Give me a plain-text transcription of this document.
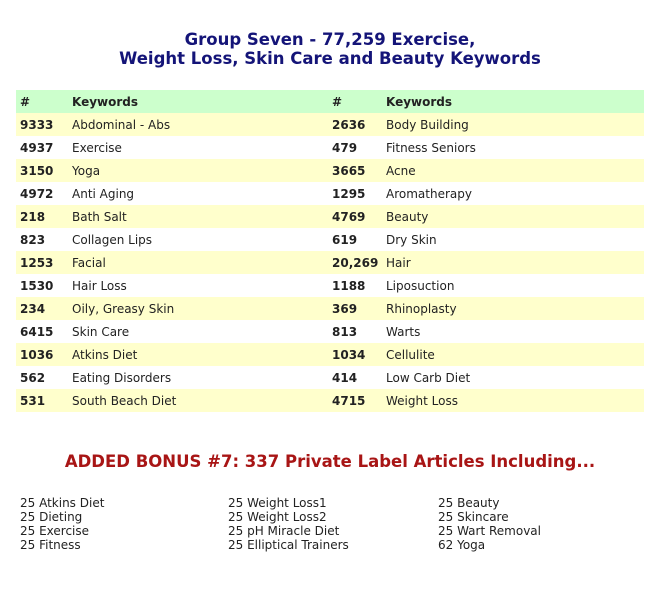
Group Seven - 77,259 Exercise,
Weight Loss, Skin Care and Beauty Keywords
#	Keywords	#	Keywords
9333	Abdominal - Abs	2636	Body Building
4937	Exercise	479	Fitness Seniors
3150	Yoga	3665	Acne
4972	Anti Aging	1295	Aromatherapy
218	Bath Salt	4769	Beauty
823	Collagen Lips	619	Dry Skin
1253	Facial	20,269	Hair
1530	Hair Loss	1188	Liposuction
234	Oily, Greasy Skin	369	Rhinoplasty
6415	Skin Care	813	Warts
1036	Atkins Diet	1034	Cellulite
562	Eating Disorders	414	Low Carb Diet
531	South Beach Diet	4715	Weight Loss
ADDED BONUS #7: 337 Private Label Articles Including...
25 Atkins Diet
25 Dieting
25 Exercise
25 Fitness
25 Weight Loss1
25 Weight Loss2
25 pH Miracle Diet
25 Elliptical Trainers
25 Beauty
25 Skincare
25 Wart Removal
62 Yoga
